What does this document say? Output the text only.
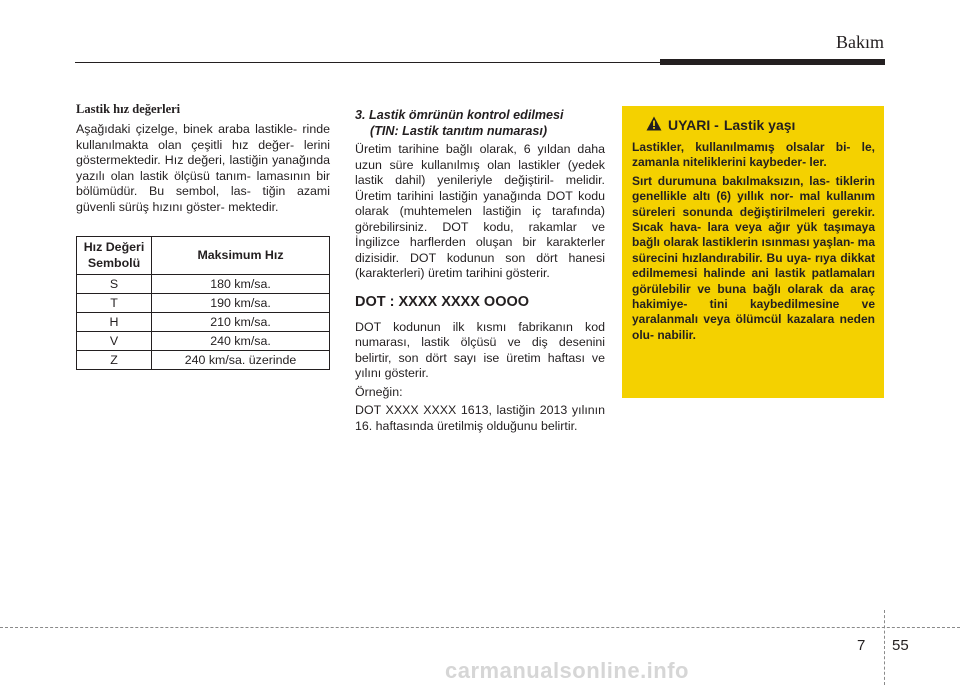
Bakım

Lastik hız değerleri

Aşağıdaki çizelge, binek araba lastikle- rinde kullanılmakta olan çeşitli hız değer- lerini göstermektedir. Hız değeri, lastiğin yanağında yazılı olan lastik ölçüsü tanım- lamasının bir bölümüdür. Bu sembol, las- tiğin azami güvenli sürüş hızını göster- mektedir.

Hız Değeri Sembolü	Maksimum Hız
S	180 km/sa.
T	190 km/sa.
H	210 km/sa.
V	240 km/sa.
Z	240 km/sa. üzerinde

3. Lastik ömrünün kontrol edilmesi
(TIN: Lastik tanıtım numarası)

Üretim tarihine bağlı olarak, 6 yıldan daha uzun süre kullanılmış olan lastikler (yedek lastik dahil) yenileriyle değiştiril- melidir. Üretim tarihini lastiğin yanağında DOT kodu olarak (muhtemelen lastiğin iç tarafında) görebilirsiniz. DOT kodu, rakamlar ve İngilizce harflerden oluşan bir karakterler dizisidir. DOT kodunun son dört hanesi (karakterleri) üretim tarihini gösterir.

DOT : XXXX XXXX OOOO

DOT kodunun ilk kısmı fabrikanın kod numarası, lastik ölçüsü ve diş desenini belirtir, son dört sayı ise üretim haftası ve yılını gösterir.

Örneğin:

DOT XXXX XXXX 1613, lastiğin 2013 yılının 16. haftasında üretilmiş olduğunu belirtir.

UYARI - Lastik yaşı

Lastikler, kullanılmamış olsalar bi- le, zamanla niteliklerini kaybeder- ler.

Sırt durumuna bakılmaksızın, las- tiklerin genellikle altı (6) yıllık nor- mal kullanım süreleri sonunda değiştirilmeleri gerekir. Sıcak hava- lara veya ağır yük taşımaya bağlı olarak lastiklerin ısınması yaşlan- ma sürecini hızlandırabilir. Bu uya- rıya dikkat edilmemesi halinde ani lastik patlamaları görülebilir ve buna bağlı olarak da araç hakimiye- tini kaybedilmesine ve yaralanmalı veya ölümcül kazalara neden olu- nabilir.

7 55
carmanualsonline.info
